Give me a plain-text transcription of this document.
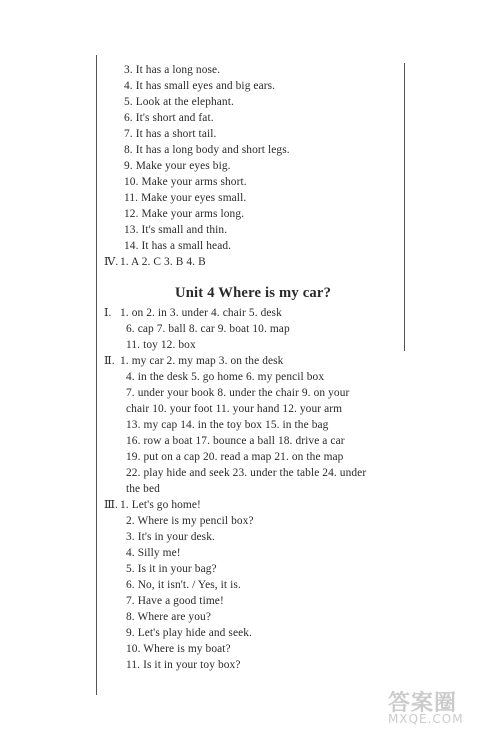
3. It has a long nose.
4. It has small eyes and big ears.
5. Look at the elephant.
6. It's short and fat.
7. It has a short tail.
8. It has a long body and short legs.
9. Make your eyes big.
10. Make your arms short.
11. Make your eyes small.
12. Make your arms long.
13. It's small and thin.
14. It has a small head.
Ⅳ. 1. A 2. C 3. B 4. B
Unit 4 Where is my car?
Ⅰ. 1. on 2. in 3. under 4. chair 5. desk
6. cap 7. ball 8. car 9. boat 10. map
11. toy 12. box
Ⅱ. 1. my car 2. my map 3. on the desk
4. in the desk 5. go home 6. my pencil box
7. under your book 8. under the chair 9. on your
chair 10. your foot 11. your hand 12. your arm
13. my cap 14. in the toy box 15. in the bag
16. row a boat 17. bounce a ball 18. drive a car
19. put on a cap 20. read a map 21. on the map
22. play hide and seek 23. under the table 24. under
the bed
Ⅲ. 1. Let's go home!
2. Where is my pencil box?
3. It's in your desk.
4. Silly me!
5. Is it in your bag?
6. No, it isn't. / Yes, it is.
7. Have a good time!
8. Where are you?
9. Let's play hide and seek.
10. Where is my boat?
11. Is it in your toy box?
答案圈
MXQE.COM
